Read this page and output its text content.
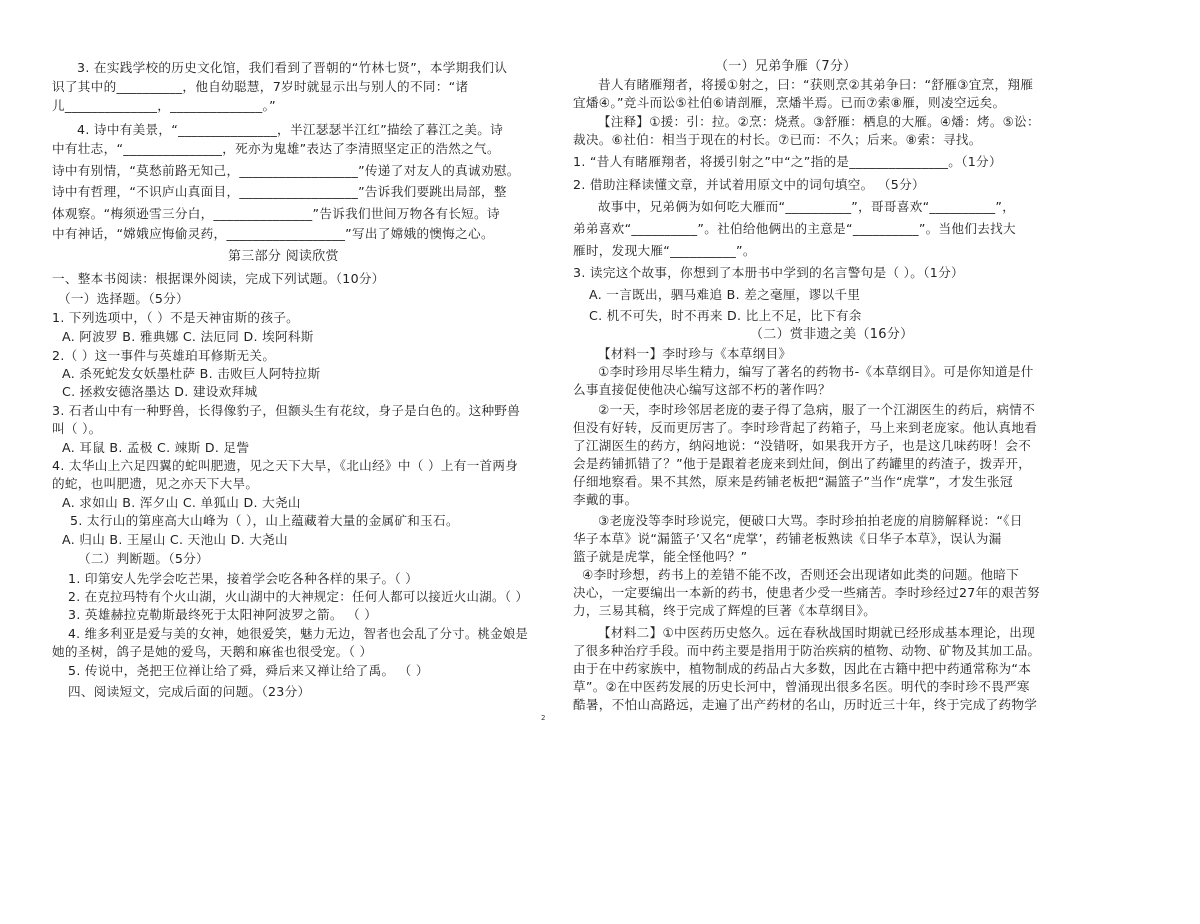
3. 在实践学校的历史文化馆，我们看到了晋朝的“竹林七贤”，本学期我们认
识了其中的__________，他自幼聪慧，7岁时就显示出与别人的不同：“诸
儿______________，______________。”
4. 诗中有美景，“_______________，半江瑟瑟半江红”描绘了暮江之美。诗
中有壮志，“_______________，死亦为鬼雄”表达了李清照坚定正的浩然之气。
诗中有别情，“莫愁前路无知己，__________________”传递了对友人的真诚劝慰。
诗中有哲理，“不识庐山真面目，__________________”告诉我们要跳出局部，整
体观察。“梅须逊雪三分白，_______________”告诉我们世间万物各有长短。诗
中有神话，“嫦娥应悔偷灵药，__________________”写出了嫦娥的懊悔之心。
第三部分 阅读欣赏
一、整本书阅读：根据课外阅读，完成下列试题。（10分）
（一）选择题。（5分）
1. 下列选项中，（ ）不是天神宙斯的孩子。
A. 阿波罗 B. 雅典娜 C. 法厄同 D. 埃阿科斯
2.（ ）这一事件与英雄珀耳修斯无关。
A. 杀死蛇发女妖墨杜萨 B. 击败巨人阿特拉斯
C. 拯救安德洛墨达 D. 建设欢拜城
3. 石者山中有一种野兽，长得像豹子，但额头生有花纹，身子是白色的。这种野兽
叫（ ）。
A. 耳鼠 B. 孟极 C. 竦斯 D. 足訾
4. 太华山上六足四翼的蛇叫肥遗，见之天下大旱，《北山经》中（ ）上有一首两身
的蛇，也叫肥遗，见之亦天下大旱。
A. 求如山 B. 浑夕山 C. 单狐山 D. 大尧山
5. 太行山的第座高大山峰为（ ），山上蕴藏着大量的金属矿和玉石。
A. 归山 B. 王屋山 C. 天池山 D. 大尧山
（二）判断题。（5分）
1. 印第安人先学会吃芒果，接着学会吃各种各样的果子。（ ）
2. 在克拉玛特有个火山湖，火山湖中的大神规定：任何人都可以接近火山湖。（ ）
3. 英雄赫拉克勒斯最终死于太阳神阿波罗之箭。 （ ）
4. 维多利亚是爱与美的女神，她很爱笑，魅力无边，智者也会乱了分寸。桃金娘是
她的圣树，鸽子是她的爱鸟，天鹅和麻雀也很受宠。（ ）
5. 传说中，尧把王位禅让给了舜，舜后来又禅让给了禹。 （ ）
四、阅读短文，完成后面的问题。（23分）
（一）兄弟争雁（7分）
昔人有睹雁翔者，将援①射之，曰：“获则烹②其弟争曰：“舒雁③宜烹，翔雁
宜燔④。”竞斗而讼⑤社伯⑥请剖雁，烹燔半焉。已而⑦索⑧雁，则凌空远矣。
【注释】①援：引：拉。②烹：烧煮。③舒雁：栖息的大雁。④燔：烤。⑤讼：
裁决。⑥社伯：相当于现在的村长。⑦已而：不久；后来。⑧索：寻找。
1. “昔人有睹雁翔者，将援引射之”中“之”指的是_______________。（1分）
2. 借助注释读懂文章，并试着用原文中的词句填空。 （5分）
故事中，兄弟俩为如何吃大雁而“__________”，哥哥喜欢“__________”，
弟弟喜欢“__________”。社伯给他俩出的主意是“__________”。当他们去找大
雁时，发现大雁“__________”。
3. 读完这个故事，你想到了本册书中学到的名言警句是（ ）。（1分）
A. 一言既出，驷马难追 B. 差之毫厘，谬以千里
C. 机不可失，时不再来 D. 比上不足，比下有余
（二）赏非遗之美（16分）
【材料一】李时珍与《本草纲目》
①李时珍用尽毕生精力，编写了著名的药物书-《本草纲目》。可是你知道是什
么事直接促使他决心编写这部不朽的著作吗？
②一天，李时珍邻居老庞的妻子得了急病，服了一个江湖医生的药后，病情不
但没有好转，反而更厉害了。李时珍背起了药箱子，马上来到老庞家。他认真地看
了江湖医生的药方，纳闷地说：“没错呀，如果我开方子，也是这几味药呀！会不
会是药铺抓错了？”他于是跟着老庞来到灶间，倒出了药罐里的药渣子，拨弄开，
仔细地察看。果不其然，原来是药铺老板把“漏篮子”当作“虎掌”，才发生张冠
李戴的事。
③老庞没等李时珍说完，便破口大骂。李时珍拍拍老庞的肩膀解释说：“《日
华子本草》说“漏篮子’又名“虎掌’，药铺老板熟读《日华子本草》，误认为漏
篮子就是虎掌，能全怪他吗？”
④李时珍想，药书上的差错不能不改，否则还会出现诸如此类的问题。他暗下
决心，一定要编出一本新的药书，使患者少受一些痛苦。李时珍经过27年的艰苦努
力，三易其稿，终于完成了辉煌的巨著《本草纲目》。
【材料二】①中医药历史悠久。远在春秋战国时期就已经形成基本理论，出现
了很多种治疗手段。而中药主要是指用于防治疾病的植物、动物、矿物及其加工品。
由于在中药家族中，植物制成的药品占大多数，因此在古籍中把中药通常称为“本
草”。②在中医药发展的历史长河中，曾涌现出很多名医。明代的李时珍不畏严寒
酷暑，不怕山高路远，走遍了出产药材的名山，历时近三十年，终于完成了药物学
2
